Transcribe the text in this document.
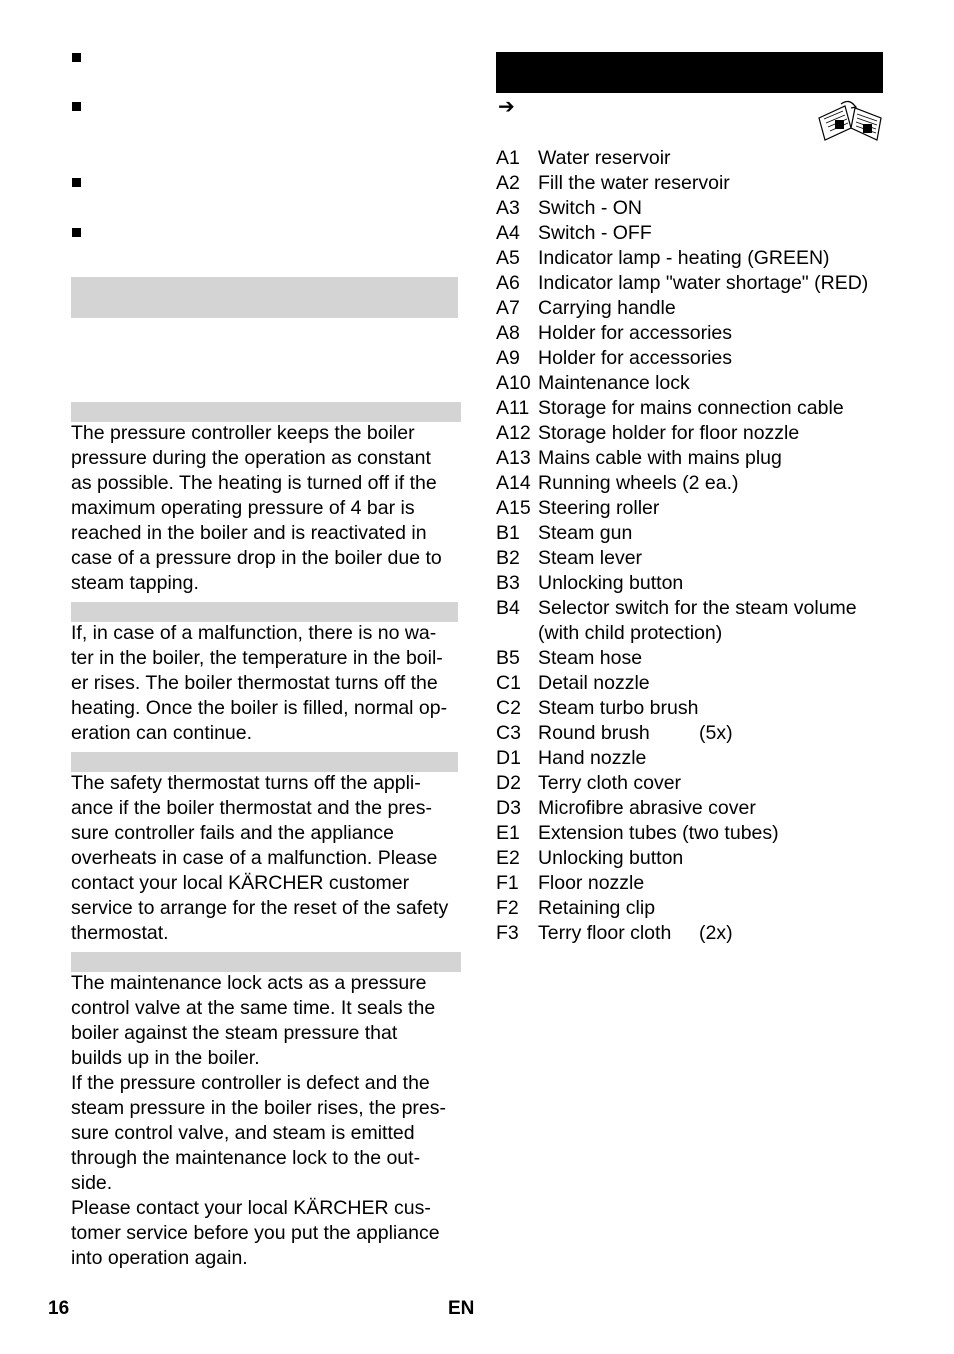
The pressure controller keeps the boiler
pressure during the operation as constant
as possible. The heating is turned off if the
maximum operating pressure of 4 bar is
reached in the boiler and is reactivated in
case of a pressure drop in the boiler due to
steam tapping.
If, in case of a malfunction, there is no wa-
ter in the boiler, the temperature in the boil-
er rises. The boiler thermostat turns off the
heating. Once the boiler is filled, normal op-
eration can continue.
The safety thermostat turns off the appli-
ance if the boiler thermostat and the pres-
sure controller fails and the appliance
overheats in case of a malfunction. Please
contact your local KÄRCHER customer
service to arrange for the reset of the safety
thermostat.
The maintenance lock acts as a pressure
control valve at the same time. It seals the
boiler against the steam pressure that
builds up in the boiler.
If the pressure controller is defect and the
steam pressure in the boiler rises, the pres-
sure control valve, and steam is emitted
through the maintenance lock to the out-
side.
Please contact your local KÄRCHER cus-
tomer service before you put the appliance
into operation again.
➔
A1 Water reservoir
A2 Fill the water reservoir
A3 Switch - ON
A4 Switch - OFF
A5 Indicator lamp - heating (GREEN)
A6 Indicator lamp "water shortage" (RED)
A7 Carrying handle
A8 Holder for accessories
A9 Holder for accessories
A10 Maintenance lock
A11 Storage for mains connection cable
A12 Storage holder for floor nozzle
A13 Mains cable with mains plug
A14 Running wheels (2 ea.)
A15 Steering roller
B1 Steam gun
B2 Steam lever
B3 Unlocking button
B4 Selector switch for the steam volume
(with child protection)
B5 Steam hose
C1 Detail nozzle
C2 Steam turbo brush
C3 Round brush	(5x)
D1 Hand nozzle
D2 Terry cloth cover
D3 Microfibre abrasive cover
E1 Extension tubes (two tubes)
E2 Unlocking button
F1 Floor nozzle
F2 Retaining clip
F3 Terry floor cloth (2x)
16	EN
